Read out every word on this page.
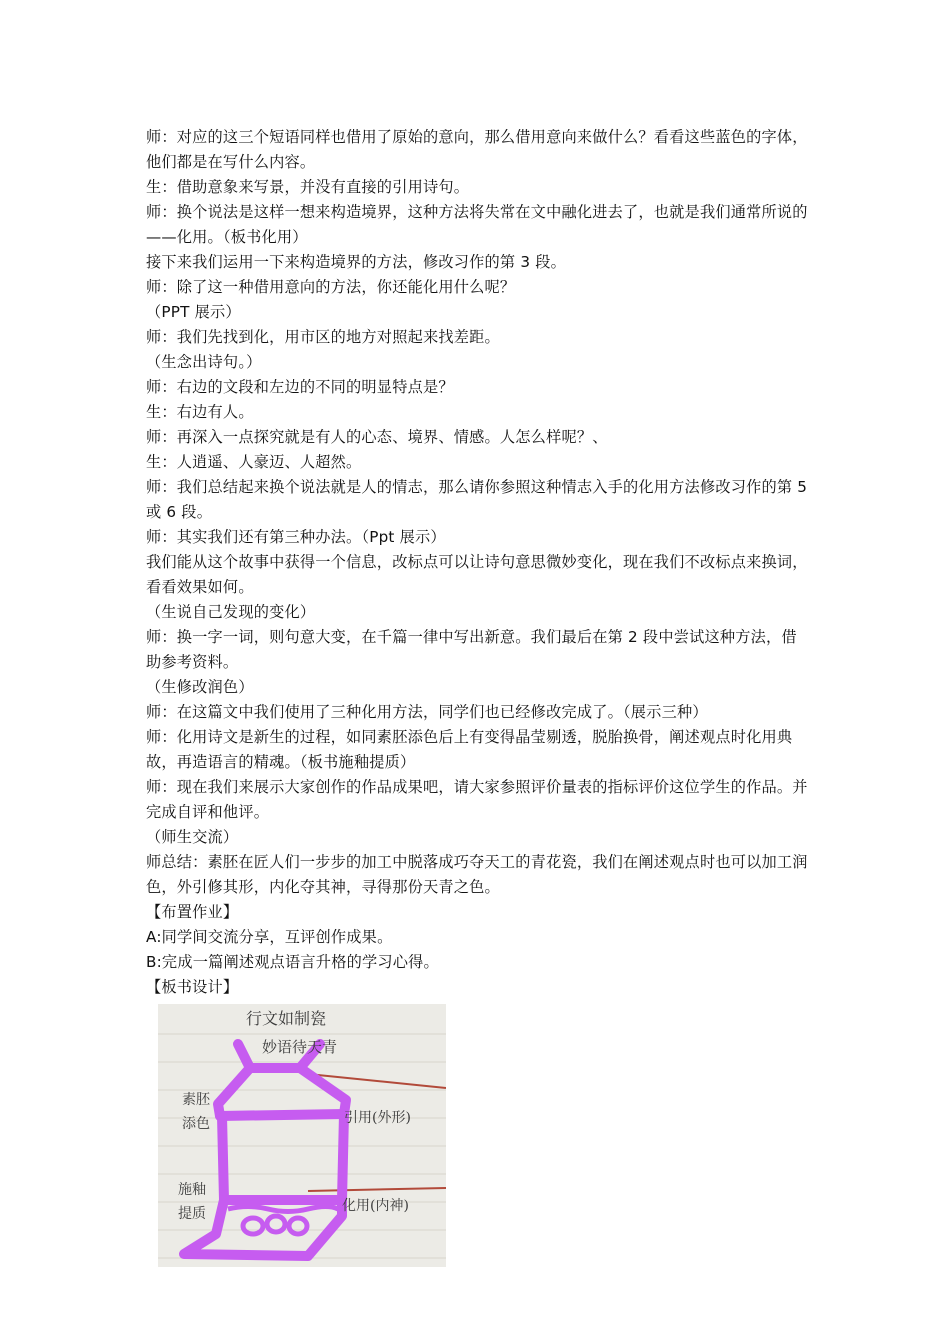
师：对应的这三个短语同样也借用了原始的意向，那么借用意向来做什么？看看这些蓝色的字体，他们都是在写什么内容。

生：借助意象来写景，并没有直接的引用诗句。

师：换个说法是这样一想来构造境界，这种方法将失常在文中融化进去了，也就是我们通常所说的——化用。（板书化用）

接下来我们运用一下来构造境界的方法，修改习作的第 3 段。

师：除了这一种借用意向的方法，你还能化用什么呢？

（PPT 展示）

师：我们先找到化，用市区的地方对照起来找差距。

（生念出诗句。）

师：右边的文段和左边的不同的明显特点是？

生：右边有人。

师：再深入一点探究就是有人的心态、境界、情感。人怎么样呢？、

生：人逍遥、人豪迈、人超然。

师：我们总结起来换个说法就是人的情志，那么请你参照这种情志入手的化用方法修改习作的第 5 或 6 段。

师：其实我们还有第三种办法。（Ppt 展示）

我们能从这个故事中获得一个信息，改标点可以让诗句意思微妙变化，现在我们不改标点来换词，看看效果如何。

（生说自己发现的变化）

师：换一字一词，则句意大变，在千篇一律中写出新意。我们最后在第 2 段中尝试这种方法，借助参考资料。

（生修改润色）

师：在这篇文中我们使用了三种化用方法，同学们也已经修改完成了。（展示三种）

师：化用诗文是新生的过程，如同素胚添色后上有变得晶莹剔透，脱胎换骨，阐述观点时化用典故，再造语言的精魂。（板书施釉提质）

师：现在我们来展示大家创作的作品成果吧，请大家参照评价量表的指标评价这位学生的作品。并完成自评和他评。

（师生交流）

师总结：素胚在匠人们一步步的加工中脱落成巧夺天工的青花瓷，我们在阐述观点时也可以加工润色，外引修其形，内化夺其神，寻得那份天青之色。

【布置作业】

A:同学间交流分享，互评创作成果。

B:完成一篇阐述观点语言升格的学习心得。

【板书设计】

行文如制瓷
妙语待天青
素胚
添色
施釉
提质
引用(外形)
化用(内神)
